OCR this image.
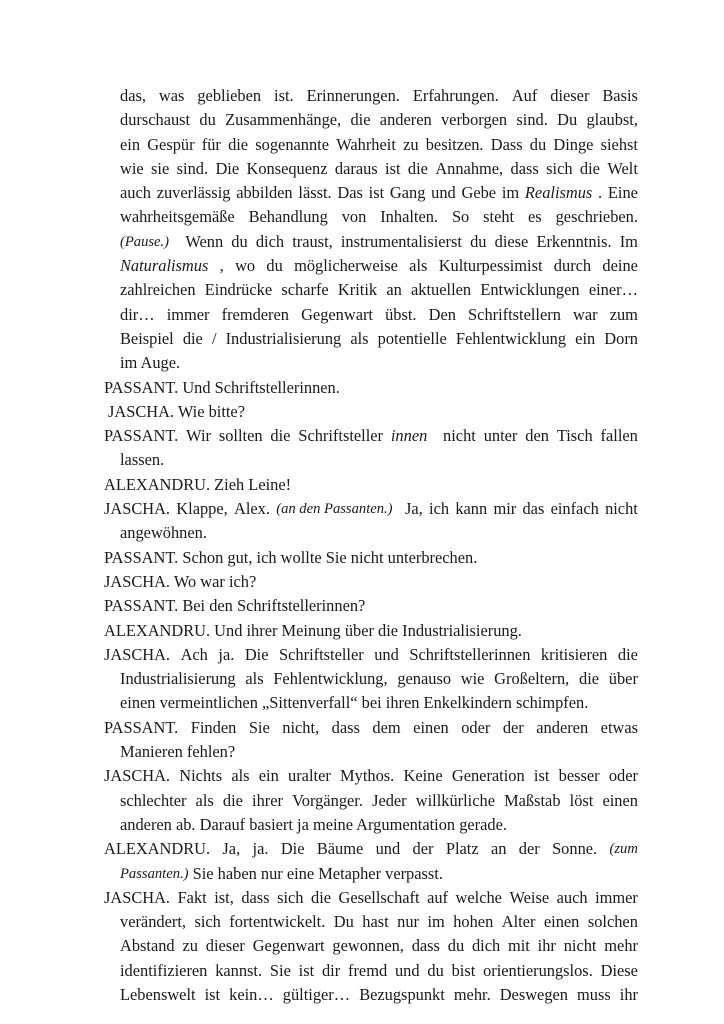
das, was geblieben ist. Erinnerungen. Erfahrungen. Auf dieser Basis
durschaust du Zusammenhänge, die anderen verborgen sind. Du glaubst,
ein Gespür für die sogenannte Wahrheit zu besitzen. Dass du Dinge siehst
wie sie sind. Die Konsequenz daraus ist die Annahme, dass sich die Welt
auch zuverlässig abbilden lässt. Das ist Gang und Gebe im Realismus . Eine
wahrheitsgemäße Behandlung von Inhalten. So steht es geschrieben.
(Pause.) Wenn du dich traust, instrumentalisierst du diese Erkenntnis. Im
Naturalismus , wo du möglicherweise als Kulturpessimist durch deine
zahlreichen Eindrücke scharfe Kritik an aktuellen Entwicklungen einer…
dir… immer fremderen Gegenwart übst. Den Schriftstellern war zum
Beispiel die / Industrialisierung als potentielle Fehlentwicklung ein Dorn
im Auge.
PASSANT. Und Schriftstellerinnen.
JASCHA. Wie bitte?
PASSANT. Wir sollten die Schriftsteller innen nicht unter den Tisch fallen
lassen.
ALEXANDRU. Zieh Leine!
JASCHA. Klappe, Alex. (an den Passanten.) Ja, ich kann mir das einfach nicht
angewöhnen.
PASSANT. Schon gut, ich wollte Sie nicht unterbrechen.
JASCHA. Wo war ich?
PASSANT. Bei den Schriftstellerinnen?
ALEXANDRU. Und ihrer Meinung über die Industrialisierung.
JASCHA. Ach ja. Die Schriftsteller und Schriftstellerinnen kritisieren die
Industrialisierung als Fehlentwicklung, genauso wie Großeltern, die über
einen vermeintlichen „Sittenverfall“ bei ihren Enkelkindern schimpfen.
PASSANT. Finden Sie nicht, dass dem einen oder der anderen etwas
Manieren fehlen?
JASCHA. Nichts als ein uralter Mythos. Keine Generation ist besser oder
schlechter als die ihrer Vorgänger. Jeder willkürliche Maßstab löst einen
anderen ab. Darauf basiert ja meine Argumentation gerade.
ALEXANDRU. Ja, ja. Die Bäume und der Platz an der Sonne. (zum
Passanten.) Sie haben nur eine Metapher verpasst.
JASCHA. Fakt ist, dass sich die Gesellschaft auf welche Weise auch immer
verändert, sich fortentwickelt. Du hast nur im hohen Alter einen solchen
Abstand zu dieser Gegenwart gewonnen, dass du dich mit ihr nicht mehr
identifizieren kannst. Sie ist dir fremd und du bist orientierungslos. Diese
Lebenswelt ist kein… gültiger… Bezugspunkt mehr. Deswegen muss ihr
